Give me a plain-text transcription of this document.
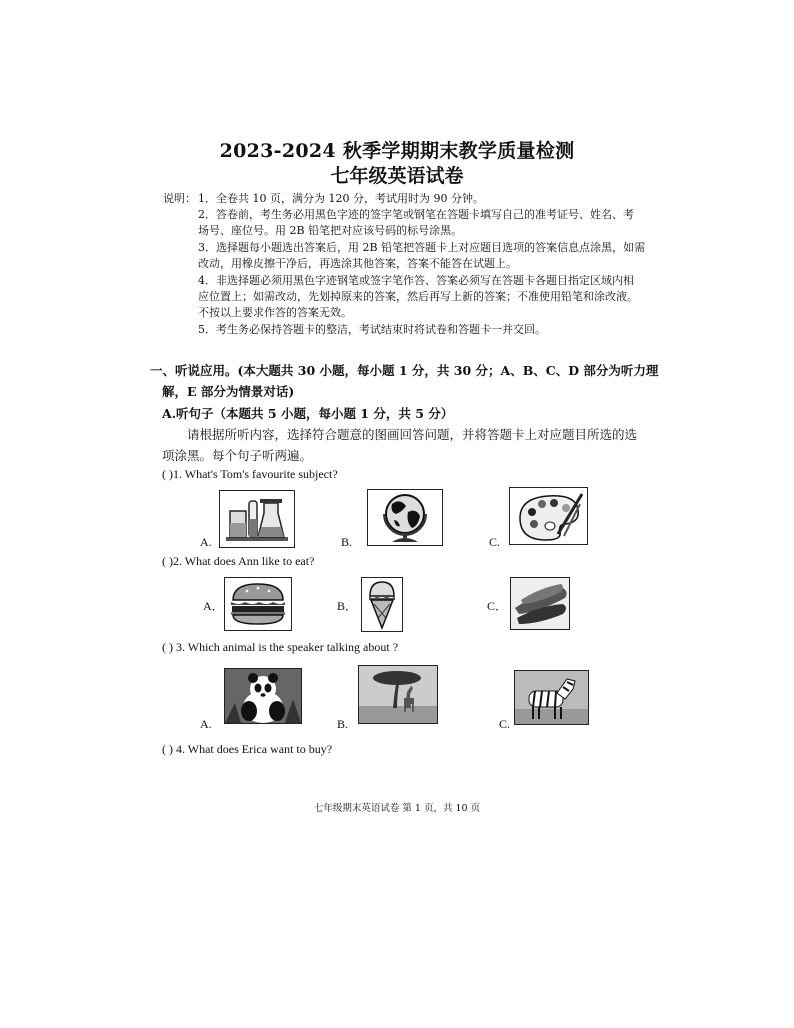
2023-2024 秋季学期期末教学质量检测
七年级英语试卷
说明： 1．全卷共 10 页，满分为 120 分，考试用时为 90 分钟。
2．答卷前，考生务必用黑色字迹的签字笔或钢笔在答题卡填写自己的准考证号、姓名、考
场号、座位号。用 2B 铅笔把对应该号码的标号涂黑。
3．选择题每小题选出答案后，用 2B 铅笔把答题卡上对应题目选项的答案信息点涂黑，如需
改动，用橡皮擦干净后，再选涂其他答案，答案不能答在试题上。
4．非选择题必须用黑色字迹钢笔或签字笔作答、答案必须写在答题卡各题目指定区域内相
应位置上；如需改动，先划掉原来的答案，然后再写上新的答案；不准使用铅笔和涂改液。
不按以上要求作答的答案无效。
5．考生务必保持答题卡的整洁，考试结束时将试卷和答题卡一并交回。
一、听说应用。(本大题共 30 小题，每小题 1 分，共 30 分；A、B、C、D 部分为听力理
解，E 部分为情景对话)
A.听句子（本题共 5 小题，每小题 1 分，共 5 分）
请根据所听内容，选择符合题意的图画回答问题，并将答题卡上对应题目所选的选
项涂黑。每个句子听两遍。
( )1. What's Tom's favourite subject?
A.	B.	C.
( )2. What does Ann like to eat?
A．	B．	C．
( ) 3. Which animal is the speaker talking about ?
A.	B.	C.
( ) 4. What does Erica want to buy?
七年级期末英语试卷 第 1 页，共 10 页
